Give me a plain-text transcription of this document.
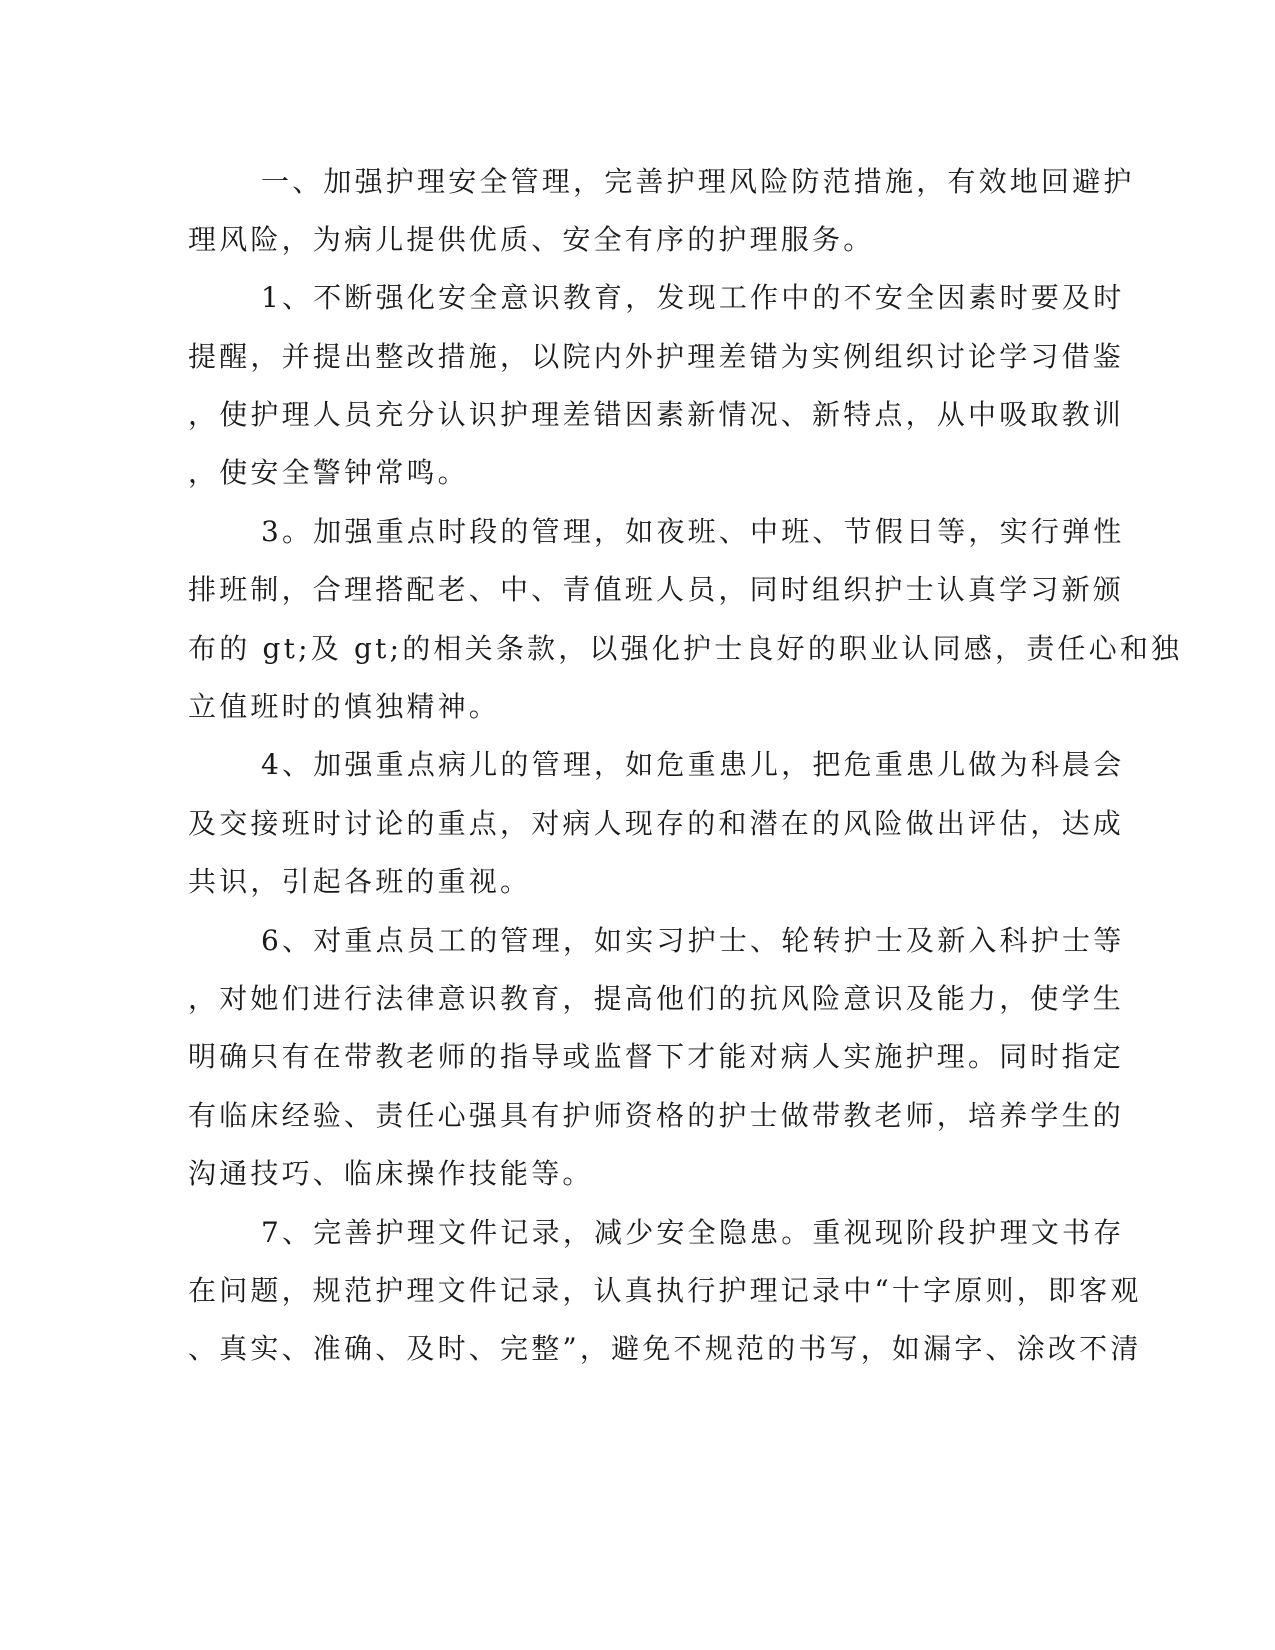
一、加强护理安全管理，完善护理风险防范措施，有效地回避护
理风险，为病儿提供优质、安全有序的护理服务。
1、不断强化安全意识教育，发现工作中的不安全因素时要及时
提醒，并提出整改措施，以院内外护理差错为实例组织讨论学习借鉴
，使护理人员充分认识护理差错因素新情况、新特点，从中吸取教训
，使安全警钟常鸣。
3。加强重点时段的管理，如夜班、中班、节假日等，实行弹性
排班制，合理搭配老、中、青值班人员，同时组织护士认真学习新颁
布的 gt;及 gt;的相关条款，以强化护士良好的职业认同感，责任心和独
立值班时的慎独精神。
4、加强重点病儿的管理，如危重患儿，把危重患儿做为科晨会
及交接班时讨论的重点，对病人现存的和潜在的风险做出评估，达成
共识，引起各班的重视。
6、对重点员工的管理，如实习护士、轮转护士及新入科护士等
，对她们进行法律意识教育，提高他们的抗风险意识及能力，使学生
明确只有在带教老师的指导或监督下才能对病人实施护理。同时指定
有临床经验、责任心强具有护师资格的护士做带教老师，培养学生的
沟通技巧、临床操作技能等。
7、完善护理文件记录，减少安全隐患。重视现阶段护理文书存
在问题，规范护理文件记录，认真执行护理记录中“十字原则，即客观
、真实、准确、及时、完整”，避免不规范的书写，如漏字、涂改不清
